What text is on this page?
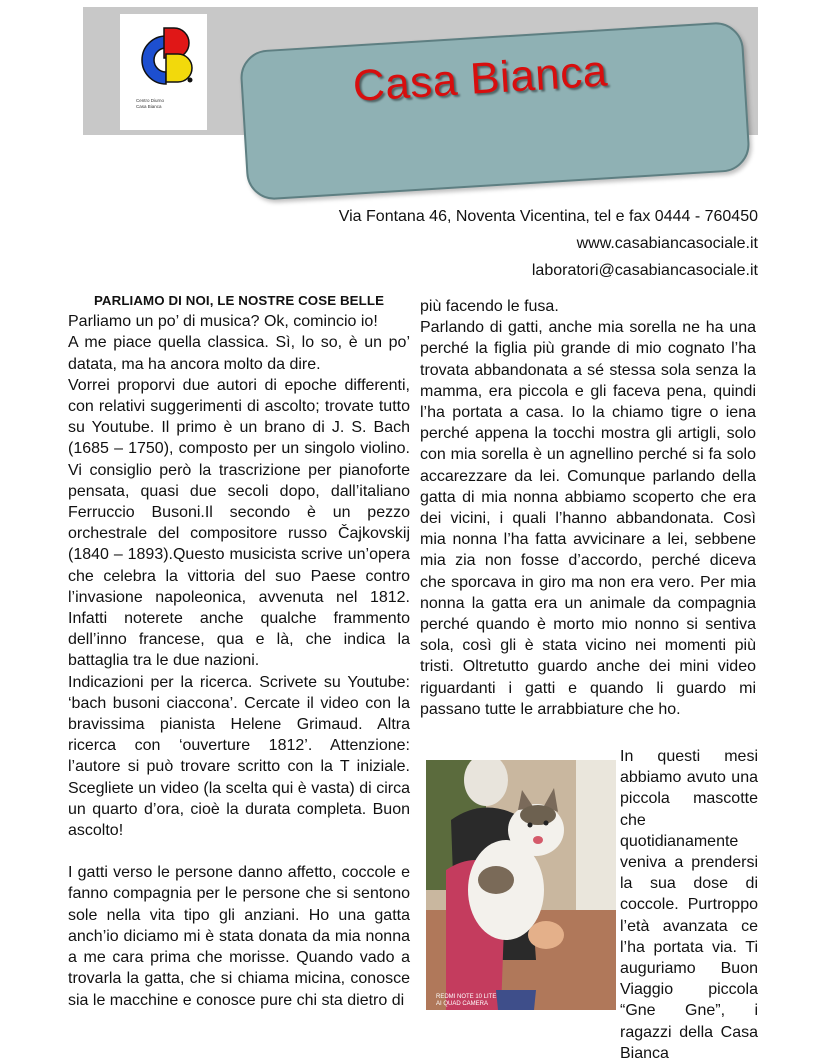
Centro Diurno
Casa Bianca	Casa Bianca
Via Fontana 46, Noventa Vicentina, tel e fax 0444 - 760450
www.casabiancasociale.it
laboratori@casabiancasociale.it

PARLIAMO DI NOI, LE NOSTRE COSE BELLE

Parliamo un po’ di musica? Ok, comincio io!

A me piace quella classica. Sì, lo so, è un po’ datata, ma ha ancora molto da dire.

Vorrei proporvi due autori di epoche differenti, con relativi suggerimenti di ascolto; trovate tutto su Youtube. Il primo è un brano di J. S. Bach (1685 – 1750), composto per un singolo violino. Vi consiglio però la trascrizione per pianoforte pensata, quasi due secoli dopo, dall’italiano Ferruccio Busoni.Il secondo è un pezzo orchestrale del compositore russo Čajkovskij (1840 – 1893).Questo musicista scrive un’opera che celebra la vittoria del suo Paese contro l’invasione napoleonica, avvenuta nel 1812. Infatti noterete anche qualche frammento dell’inno francese, qua e là, che indica la battaglia tra le due nazioni.

Indicazioni per la ricerca. Scrivete su Youtube: ‘bach busoni ciaccona’. Cercate il video con la bravissima pianista Helene Grimaud. Altra ricerca con ‘ouverture 1812’. Attenzione: l’autore si può trovare scritto con la T iniziale. Scegliete un video (la scelta qui è vasta) di circa un quarto d’ora, cioè la durata completa. Buon ascolto!

I gatti verso le persone danno affetto, coccole e fanno compagnia per le persone che si sentono sole nella vita tipo gli anziani. Ho una gatta anch’io diciamo mi è stata donata da mia nonna a me cara prima che morisse. Quando vado a trovarla la gatta, che si chiama micina, conosce sia le macchine e conosce pure chi sta dietro di

più facendo le fusa.

Parlando di gatti, anche mia sorella ne ha una perché la figlia più grande di mio cognato l’ha trovata abbandonata a sé stessa sola senza la mamma, era piccola e gli faceva pena, quindi l’ha portata a casa. Io la chiamo tigre o iena perché appena la tocchi mostra gli artigli, solo con mia sorella è un agnellino perché si fa solo accarezzare da lei. Comunque parlando della gatta di mia nonna abbiamo scoperto che era dei vicini, i quali l’hanno abbandonata. Così mia nonna l’ha fatta avvicinare a lei, sebbene mia zia non fosse d’accordo, perché diceva che sporcava in giro ma non era vero. Per mia nonna la gatta era un animale da compagnia perché quando è morto mio nonno si sentiva sola, così gli è stata vicino nei momenti più tristi. Oltretutto guardo anche dei mini video riguardanti i gatti e quando li guardo mi passano tutte le arrabbiature che ho.

REDMI NOTE 10 LITE
AI QUAD CAMERA

In questi mesi abbiamo avuto una piccola mascotte che quotidianamente veniva a prendersi la sua dose di coccole. Purtroppo l’età avanzata ce l’ha portata via. Ti auguriamo Buon Viaggio piccola “Gne Gne”, i ragazzi della Casa Bianca
